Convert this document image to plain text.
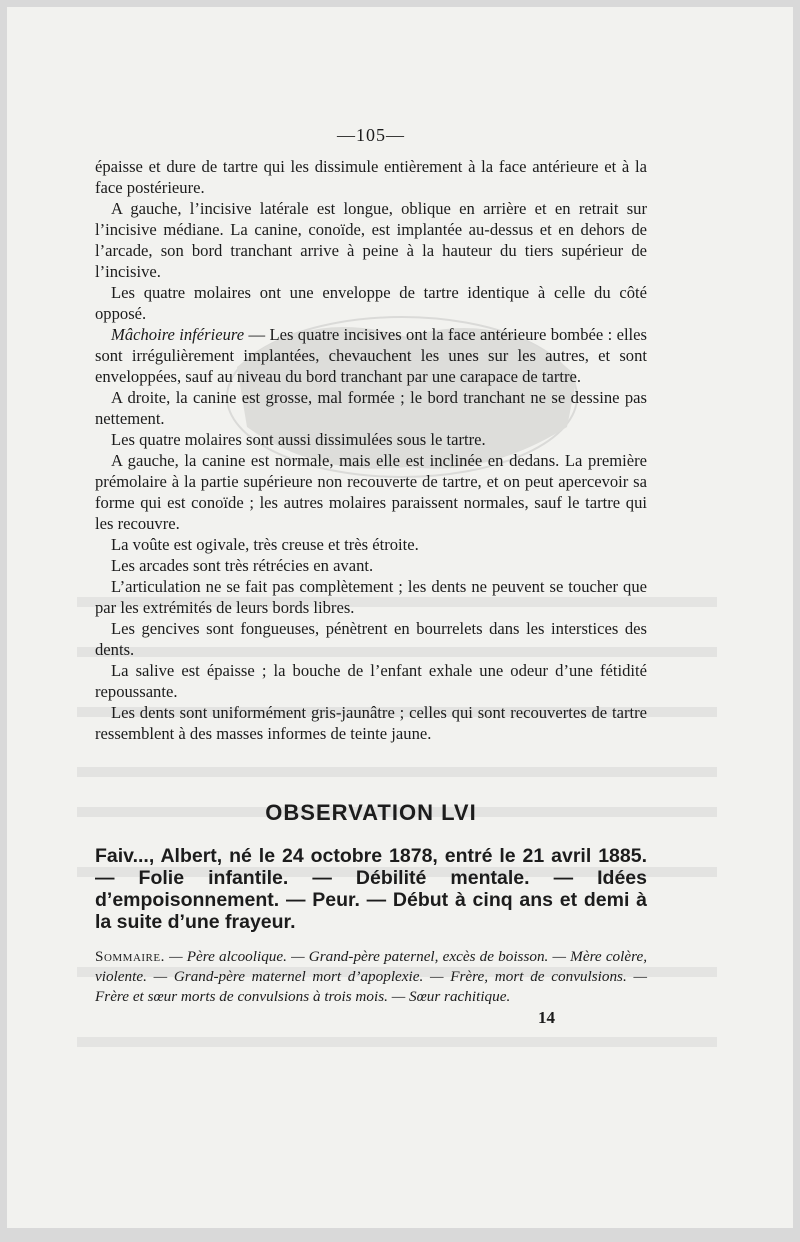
—105—

épaisse et dure de tartre qui les dissimule entièrement à la face antérieure et à la face postérieure.

A gauche, l’incisive latérale est longue, oblique en arrière et en retrait sur l’incisive médiane. La canine, conoïde, est implantée au-dessus et en dehors de l’arcade, son bord tranchant arrive à peine à la hauteur du tiers supérieur de l’incisive.

Les quatre molaires ont une enveloppe de tartre identique à celle du côté opposé.

Mâchoire inférieure — Les quatre incisives ont la face antérieure bombée : elles sont irrégulièrement implantées, chevauchent les unes sur les autres, et sont enveloppées, sauf au niveau du bord tranchant par une carapace de tartre.

A droite, la canine est grosse, mal formée ; le bord tranchant ne se dessine pas nettement.

Les quatre molaires sont aussi dissimulées sous le tartre.

A gauche, la canine est normale, mais elle est inclinée en dedans. La première prémolaire à la partie supérieure non recouverte de tartre, et on peut apercevoir sa forme qui est conoïde ; les autres molaires paraissent normales, sauf le tartre qui les recouvre.

La voûte est ogivale, très creuse et très étroite.

Les arcades sont très rétrécies en avant.

L’articulation ne se fait pas complètement ; les dents ne peuvent se toucher que par les extrémités de leurs bords libres.

Les gencives sont fongueuses, pénètrent en bourrelets dans les interstices des dents.

La salive est épaisse ; la bouche de l’enfant exhale une odeur d’une fétidité repoussante.

Les dents sont uniformément gris-jaunâtre ; celles qui sont recouvertes de tartre ressemblent à des masses informes de teinte jaune.

OBSERVATION LVI
Faiv..., Albert, né le 24 octobre 1878, entré le 21 avril 1885. — Folie infantile. — Débilité mentale. — Idées d’empoisonnement. — Peur. — Début à cinq ans et demi à la suite d’une frayeur.
Sommaire. — Père alcoolique. — Grand-père paternel, excès de boisson. — Mère colère, violente. — Grand-père maternel mort d’apoplexie. — Frère, mort de convulsions. — Frère et sœur morts de convulsions à trois mois. — Sœur rachitique.
14
